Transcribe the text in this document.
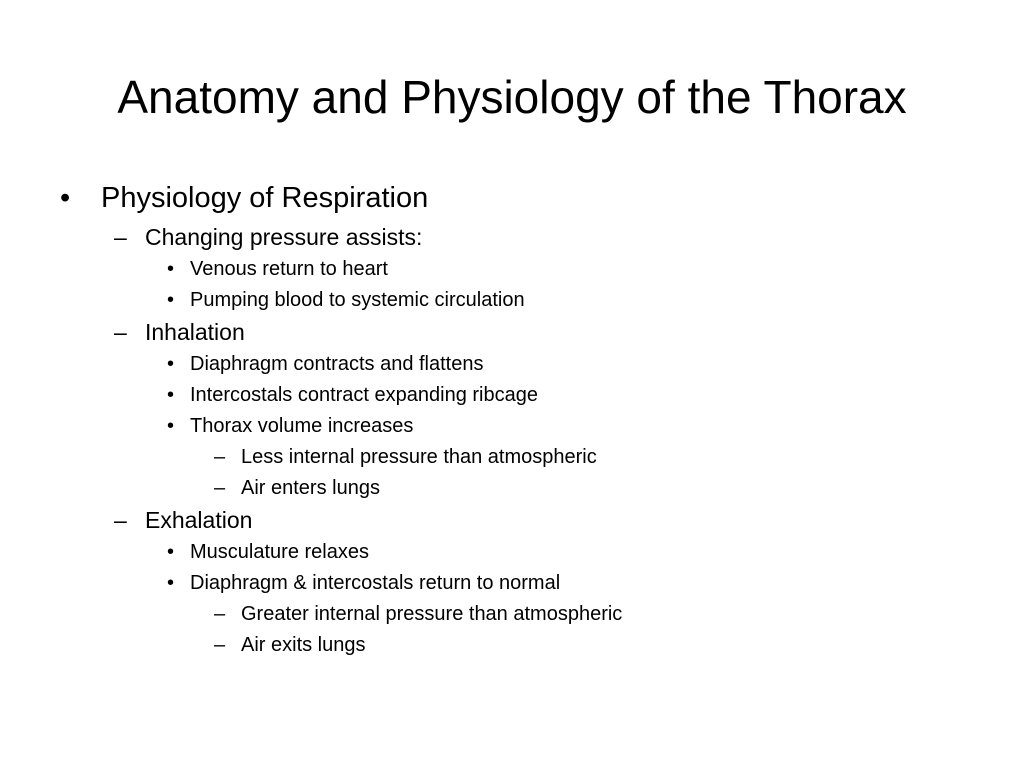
Anatomy and Physiology of the Thorax
• Physiology of Respiration
– Changing pressure assists:
• Venous return to heart
• Pumping blood to systemic circulation
– Inhalation
• Diaphragm contracts and flattens
• Intercostals contract expanding ribcage
• Thorax volume increases
– Less internal pressure than atmospheric
– Air enters lungs
– Exhalation
• Musculature relaxes
• Diaphragm & intercostals return to normal
– Greater internal pressure than atmospheric
– Air exits lungs
